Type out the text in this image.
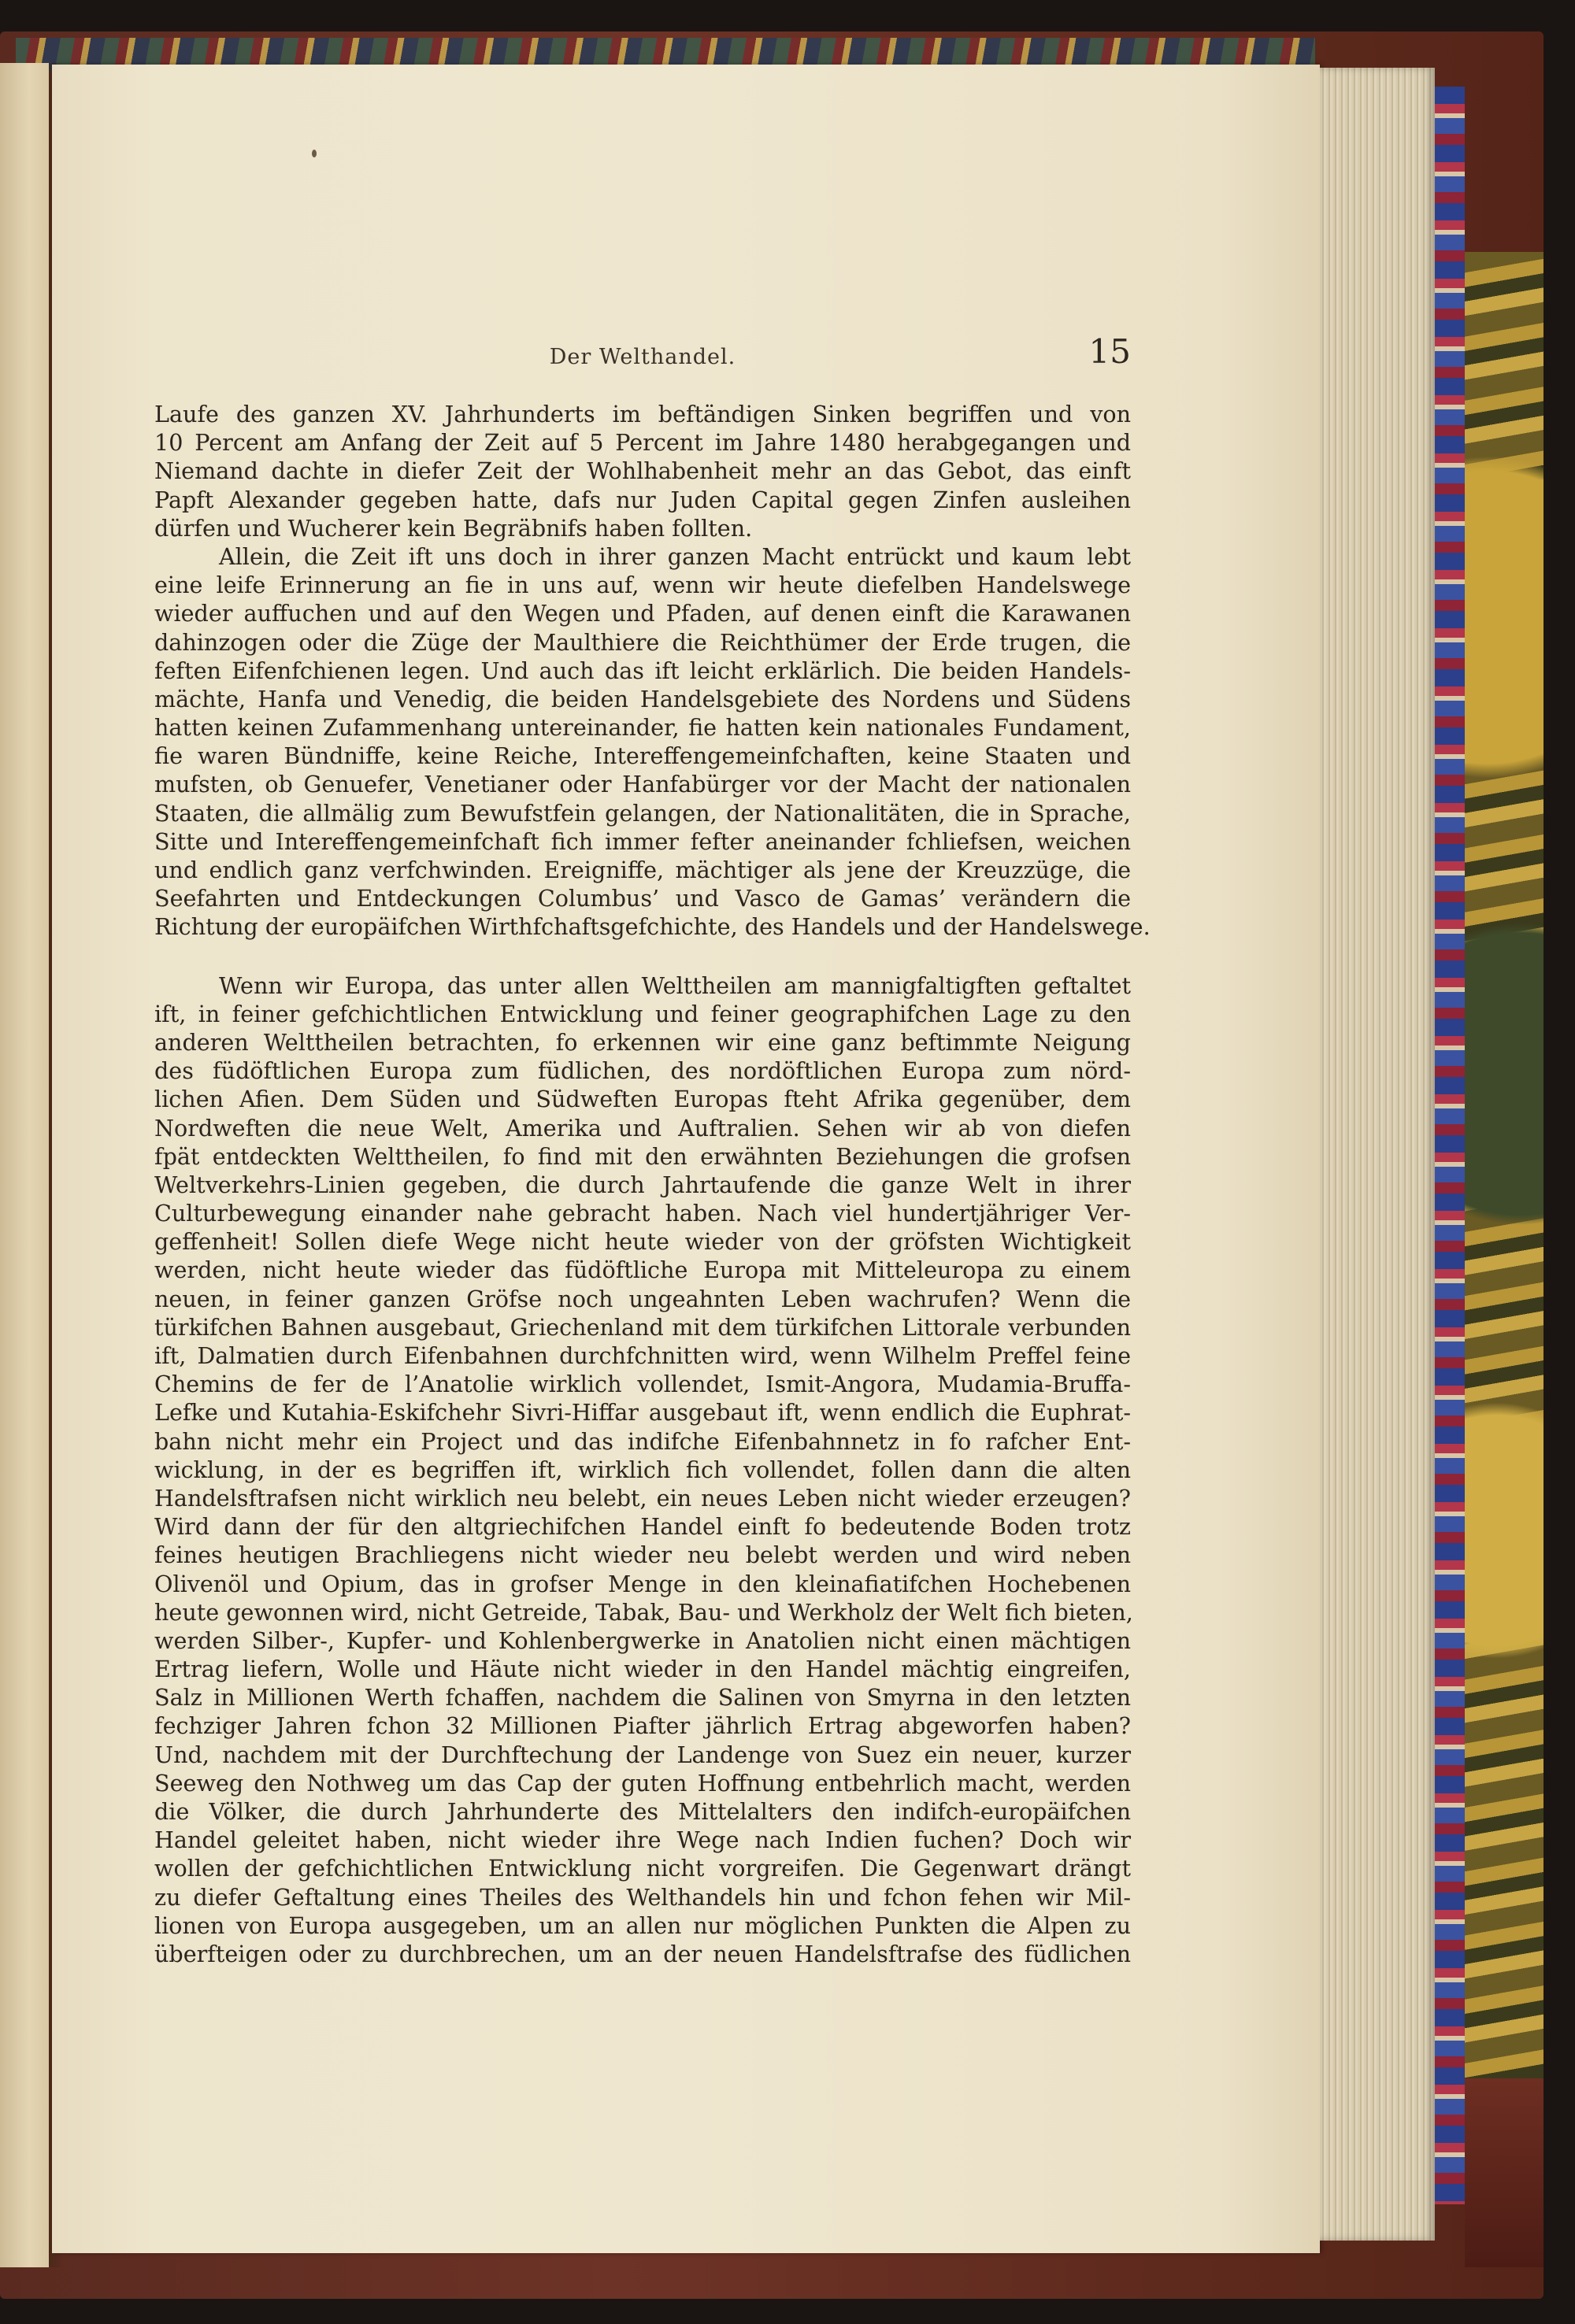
Der Welthandel.	15
Laufe des ganzen XV. Jahrhunderts im beftändigen Sinken begriffen und von
10 Percent am Anfang der Zeit auf 5 Percent im Jahre 1480 herabgegangen und
Niemand dachte in diefer Zeit der Wohlhabenheit mehr an das Gebot, das einft
Papft Alexander gegeben hatte, dafs nur Juden Capital gegen Zinfen ausleihen
dürfen und Wucherer kein Begräbnifs haben follten.
Allein, die Zeit ift uns doch in ihrer ganzen Macht entrückt und kaum lebt
eine leife Erinnerung an fie in uns auf, wenn wir heute diefelben Handelswege
wieder auffuchen und auf den Wegen und Pfaden, auf denen einft die Karawanen
dahinzogen oder die Züge der Maulthiere die Reichthümer der Erde trugen, die
feften Eifenfchienen legen. Und auch das ift leicht erklärlich. Die beiden Handels-
mächte, Hanfa und Venedig, die beiden Handelsgebiete des Nordens und Südens
hatten keinen Zufammenhang untereinander, fie hatten kein nationales Fundament,
fie waren Bündniffe, keine Reiche, Intereffengemeinfchaften, keine Staaten und
mufsten, ob Genuefer, Venetianer oder Hanfabürger vor der Macht der nationalen
Staaten, die allmälig zum Bewufstfein gelangen, der Nationalitäten, die in Sprache,
Sitte und Intereffengemeinfchaft fich immer fefter aneinander fchliefsen, weichen
und endlich ganz verfchwinden. Ereigniffe, mächtiger als jene der Kreuzzüge, die
Seefahrten und Entdeckungen Columbus’ und Vasco de Gamas’ verändern die
Richtung der europäifchen Wirthfchaftsgefchichte, des Handels und der Handelswege.
Wenn wir Europa, das unter allen Welttheilen am mannigfaltigften geftaltet
ift, in feiner gefchichtlichen Entwicklung und feiner geographifchen Lage zu den
anderen Welttheilen betrachten, fo erkennen wir eine ganz beftimmte Neigung
des füdöftlichen Europa zum füdlichen, des nordöftlichen Europa zum nörd-
lichen Afien. Dem Süden und Südweften Europas fteht Afrika gegenüber, dem
Nordweften die neue Welt, Amerika und Auftralien. Sehen wir ab von diefen
fpät entdeckten Welttheilen, fo find mit den erwähnten Beziehungen die grofsen
Weltverkehrs-Linien gegeben, die durch Jahrtaufende die ganze Welt in ihrer
Culturbewegung einander nahe gebracht haben. Nach viel hundertjähriger Ver-
geffenheit! Sollen diefe Wege nicht heute wieder von der gröfsten Wichtigkeit
werden, nicht heute wieder das füdöftliche Europa mit Mitteleuropa zu einem
neuen, in feiner ganzen Gröfse noch ungeahnten Leben wachrufen? Wenn die
türkifchen Bahnen ausgebaut, Griechenland mit dem türkifchen Littorale verbunden
ift, Dalmatien durch Eifenbahnen durchfchnitten wird, wenn Wilhelm Preffel feine
Chemins de fer de l’Anatolie wirklich vollendet, Ismit-Angora, Mudamia-Bruffa-
Lefke und Kutahia-Eskifchehr Sivri-Hiffar ausgebaut ift, wenn endlich die Euphrat-
bahn nicht mehr ein Project und das indifche Eifenbahnnetz in fo rafcher Ent-
wicklung, in der es begriffen ift, wirklich fich vollendet, follen dann die alten
Handelsftrafsen nicht wirklich neu belebt, ein neues Leben nicht wieder erzeugen?
Wird dann der für den altgriechifchen Handel einft fo bedeutende Boden trotz
feines heutigen Brachliegens nicht wieder neu belebt werden und wird neben
Olivenöl und Opium, das in grofser Menge in den kleinafiatifchen Hochebenen
heute gewonnen wird, nicht Getreide, Tabak, Bau- und Werkholz der Welt fich bieten,
werden Silber-, Kupfer- und Kohlenbergwerke in Anatolien nicht einen mächtigen
Ertrag liefern, Wolle und Häute nicht wieder in den Handel mächtig eingreifen,
Salz in Millionen Werth fchaffen, nachdem die Salinen von Smyrna in den letzten
fechziger Jahren fchon 32 Millionen Piafter jährlich Ertrag abgeworfen haben?
Und, nachdem mit der Durchftechung der Landenge von Suez ein neuer, kurzer
Seeweg den Nothweg um das Cap der guten Hoffnung entbehrlich macht, werden
die Völker, die durch Jahrhunderte des Mittelalters den indifch-europäifchen
Handel geleitet haben, nicht wieder ihre Wege nach Indien fuchen? Doch wir
wollen der gefchichtlichen Entwicklung nicht vorgreifen. Die Gegenwart drängt
zu diefer Geftaltung eines Theiles des Welthandels hin und fchon fehen wir Mil-
lionen von Europa ausgegeben, um an allen nur möglichen Punkten die Alpen zu
überfteigen oder zu durchbrechen, um an der neuen Handelsftrafse des füdlichen
